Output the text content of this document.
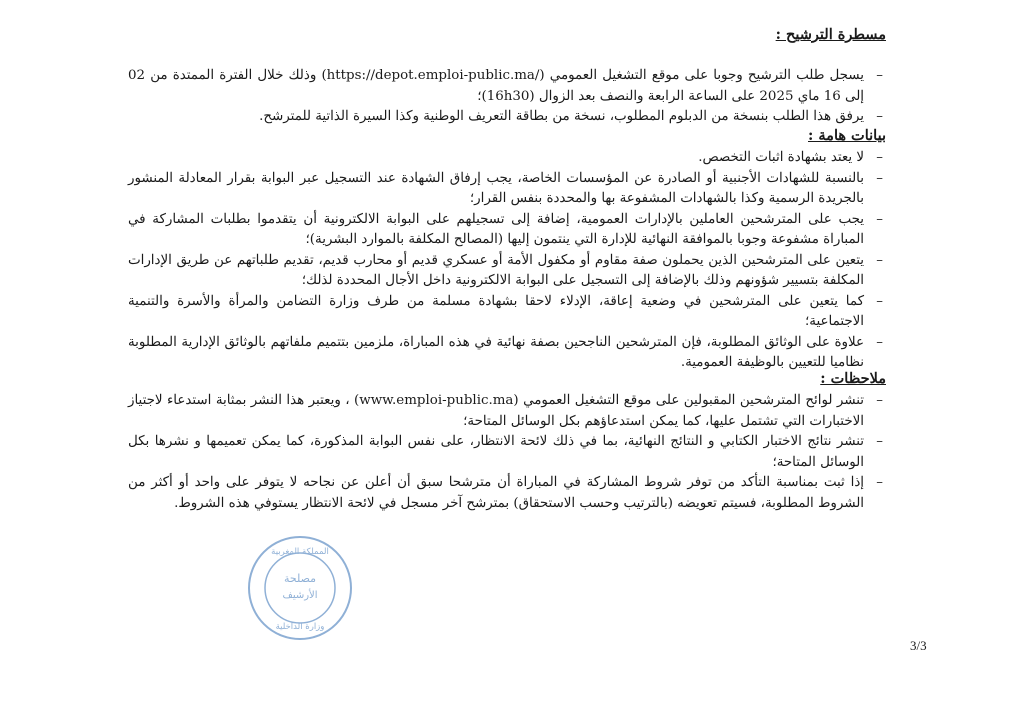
مسطرة الترشيح :
– يسجل طلب الترشيح وجوبا على موقع التشغيل العمومي (/https://depot.emploi-public.ma) وذلك خلال الفترة الممتدة من 02 إلى 16 ماي 2025 على الساعة الرابعة والنصف بعد الزوال (16h30)؛
– يرفق هذا الطلب بنسخة من الدبلوم المطلوب، نسخة من بطاقة التعريف الوطنية وكذا السيرة الذاتية للمترشح.
بيانات هامة :
– لا يعتد بشهادة اثبات التخصص.
– بالنسبة للشهادات الأجنبية أو الصادرة عن المؤسسات الخاصة، يجب إرفاق الشهادة عند التسجيل عبر البوابة بقرار المعادلة المنشور بالجريدة الرسمية وكذا بالشهادات المشفوعة بها والمحددة بنفس القرار؛
– يجب على المترشحين العاملين بالإدارات العمومية، إضافة إلى تسجيلهم على البوابة الالكترونية أن يتقدموا بطلبات المشاركة في المباراة مشفوعة وجوبا بالموافقة النهائية للإدارة التي ينتمون إليها (المصالح المكلفة بالموارد البشرية)؛
– يتعين على المترشحين الذين يحملون صفة مقاوم أو مكفول الأمة أو عسكري قديم أو محارب قديم، تقديم طلباتهم عن طريق الإدارات المكلفة بتسيير شؤونهم وذلك بالإضافة إلى التسجيل على البوابة الالكترونية داخل الأجال المحددة لذلك؛
– كما يتعين على المترشحين في وضعية إعاقة، الإدلاء لاحقا بشهادة مسلمة من طرف وزارة التضامن والمرأة والأسرة والتنمية الاجتماعية؛
– علاوة على الوثائق المطلوبة، فإن المترشحين الناجحين بصفة نهائية في هذه المباراة، ملزمين بتتميم ملفاتهم بالوثائق الإدارية المطلوبة نظاميا للتعيين بالوظيفة العمومية.
ملاحظات :
– تنشر لوائح المترشحين المقبولين على موقع التشغيل العمومي (www.emploi-public.ma) ، ويعتبر هذا النشر بمثابة استدعاء لاجتياز الاختبارات التي تشتمل عليها، كما يمكن استدعاؤهم بكل الوسائل المتاحة؛
– تنشر نتائج الاختبار الكتابي و النتائج النهائية، بما في ذلك لائحة الانتظار، على نفس البوابة المذكورة، كما يمكن تعميمها و نشرها بكل الوسائل المتاحة؛
– إذا ثبت بمناسبة التأكد من توفر شروط المشاركة في المباراة أن مترشحا سبق أن أعلن عن نجاحه لا يتوفر على واحد أو أكثر من الشروط المطلوبة، فسيتم تعويضه (بالترتيب وحسب الاستحقاق) بمترشح آخر مسجل في لائحة الانتظار يستوفي هذه الشروط.
مصلحة
الأرشيف
المملكة المغربية
وزارة الداخلية
3/3
